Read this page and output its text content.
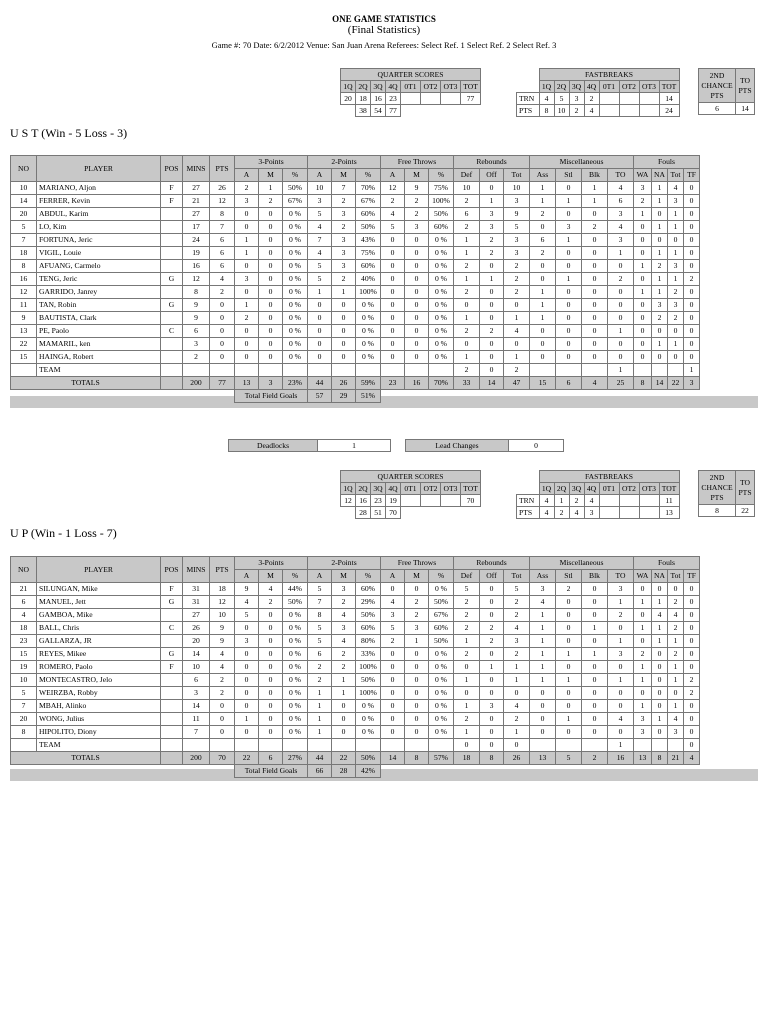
ONE GAME STATISTICS
(Final Statistics)
Game #: 70 Date: 6/2/2012 Venue: San Juan Arena Referees: Select Ref. 1 Select Ref. 2 Select Ref. 3
QUARTER SCORES							
1Q	2Q	3Q	4Q	0T1	OT2	OT3	TOT
20	18	16	23				77
	38	54	77				
	FASTBREAKS							
	1Q	2Q	3Q	4Q	0T1	OT2	OT3	TOT
TRN	4	5	3	2				14
PTS	8	10	2	4				24
2ND CHANCE PTS	TO PTS
6	14
U S T (Win - 5 Loss - 3)
NO	PLAYER	POS	MINS	PTS	3-Points			2-Points			Free Throws			Rebounds			Miscellaneous				Fouls			
					A	M	%	A	M	%	A	M	%	Def	Off	Tot	Ass	Stl	Blk	TO	WA	NA	Tot	TF
10	MARIANO, Aljon	F	27	26	2	1	50%	10	7	70%	12	9	75%	10	0	10	1	0	1	4	3	1	4	0
14	FERRER, Kevin	F	21	12	3	2	67%	3	2	67%	2	2	100%	2	1	3	1	1	1	6	2	1	3	0
20	ABDUL, Karim		27	8	0	0	0 %	5	3	60%	4	2	50%	6	3	9	2	0	0	3	1	0	1	0
5	LO, Kim		17	7	0	0	0 %	4	2	50%	5	3	60%	2	3	5	0	3	2	4	0	1	1	0
7	FORTUNA, Jeric		24	6	1	0	0 %	7	3	43%	0	0	0 %	1	2	3	6	1	0	3	0	0	0	0
18	VIGIL, Louie		19	6	1	0	0 %	4	3	75%	0	0	0 %	1	2	3	2	0	0	1	0	1	1	0
8	AFUANG, Carmelo		16	6	0	0	0 %	5	3	60%	0	0	0 %	2	0	2	0	0	0	0	1	2	3	0
16	TENG, Jeric	G	12	4	3	0	0 %	5	2	40%	0	0	0 %	1	1	2	0	1	0	2	0	1	1	2
12	GARRIDO, Janrey		8	2	0	0	0 %	1	1	100%	0	0	0 %	2	0	2	1	0	0	0	1	1	2	0
11	TAN, Robin	G	9	0	1	0	0 %	0	0	0 %	0	0	0 %	0	0	0	1	0	0	0	0	3	3	0
9	BAUTISTA, Clark		9	0	2	0	0 %	0	0	0 %	0	0	0 %	1	0	1	1	0	0	0	0	2	2	0
13	PE, Paolo	C	6	0	0	0	0 %	0	0	0 %	0	0	0 %	2	2	4	0	0	0	1	0	0	0	0
22	MAMARIL, ken		3	0	0	0	0 %	0	0	0 %	0	0	0 %	0	0	0	0	0	0	0	0	1	1	0
15	HAINGA, Robert		2	0	0	0	0 %	0	0	0 %	0	0	0 %	1	0	1	0	0	0	0	0	0	0	0
	TEAM													2	0	2				1				1
TOTALS			200	77	13	3	23%	44	26	59%	23	16	70%	33	14	47	15	6	4	25	8	14	22	3
					Total Field Goals			57	29	51%														
Deadlocks	1		Lead Changes	0
QUARTER SCORES							
1Q	2Q	3Q	4Q	0T1	OT2	OT3	TOT
12	16	23	19				70
	28	51	70				
	FASTBREAKS							
	1Q	2Q	3Q	4Q	0T1	OT2	OT3	TOT
TRN	4	1	2	4				11
PTS	4	2	4	3				13
2ND CHANCE PTS	TO PTS
8	22
U P (Win - 1 Loss - 7)
NO	PLAYER	POS	MINS	PTS	3-Points			2-Points			Free Throws			Rebounds			Miscellaneous				Fouls			
					A	M	%	A	M	%	A	M	%	Def	Off	Tot	Ass	Stl	Blk	TO	WA	NA	Tot	TF
21	SILUNGAN, Mike	F	31	18	9	4	44%	5	3	60%	0	0	0 %	5	0	5	3	2	0	3	0	0	0	0
6	MANUEL, Jett	G	31	12	4	2	50%	7	2	29%	4	2	50%	2	0	2	4	0	0	1	1	1	2	0
4	GAMBOA, Mike		27	10	5	0	0 %	8	4	50%	3	2	67%	2	0	2	1	0	0	2	0	4	4	0
18	BALL, Chris	C	26	9	0	0	0 %	5	3	60%	5	3	60%	2	2	4	1	0	1	0	1	1	2	0
23	GALLARZA, JR		20	9	3	0	0 %	5	4	80%	2	1	50%	1	2	3	1	0	0	1	0	1	1	0
15	REYES, Mikee	G	14	4	0	0	0 %	6	2	33%	0	0	0 %	2	0	2	1	1	1	3	2	0	2	0
19	ROMERO, Paolo	F	10	4	0	0	0 %	2	2	100%	0	0	0 %	0	1	1	1	0	0	0	1	0	1	0
10	MONTECASTRO, Jelo		6	2	0	0	0 %	2	1	50%	0	0	0 %	1	0	1	1	1	0	1	1	0	1	2
5	WEIRZBA, Robby		3	2	0	0	0 %	1	1	100%	0	0	0 %	0	0	0	0	0	0	0	0	0	0	2
7	MBAH, Alinko		14	0	0	0	0 %	1	0	0 %	0	0	0 %	1	3	4	0	0	0	0	1	0	1	0
20	WONG, Julius		11	0	1	0	0 %	1	0	0 %	0	0	0 %	2	0	2	0	1	0	4	3	1	4	0
8	HIPOLITO, Diony		7	0	0	0	0 %	1	0	0 %	0	0	0 %	1	0	1	0	0	0	0	3	0	3	0
	TEAM													0	0	0				1				0
TOTALS			200	70	22	6	27%	44	22	50%	14	8	57%	18	8	26	13	5	2	16	13	8	21	4
					Total Field Goals			66	28	42%														
